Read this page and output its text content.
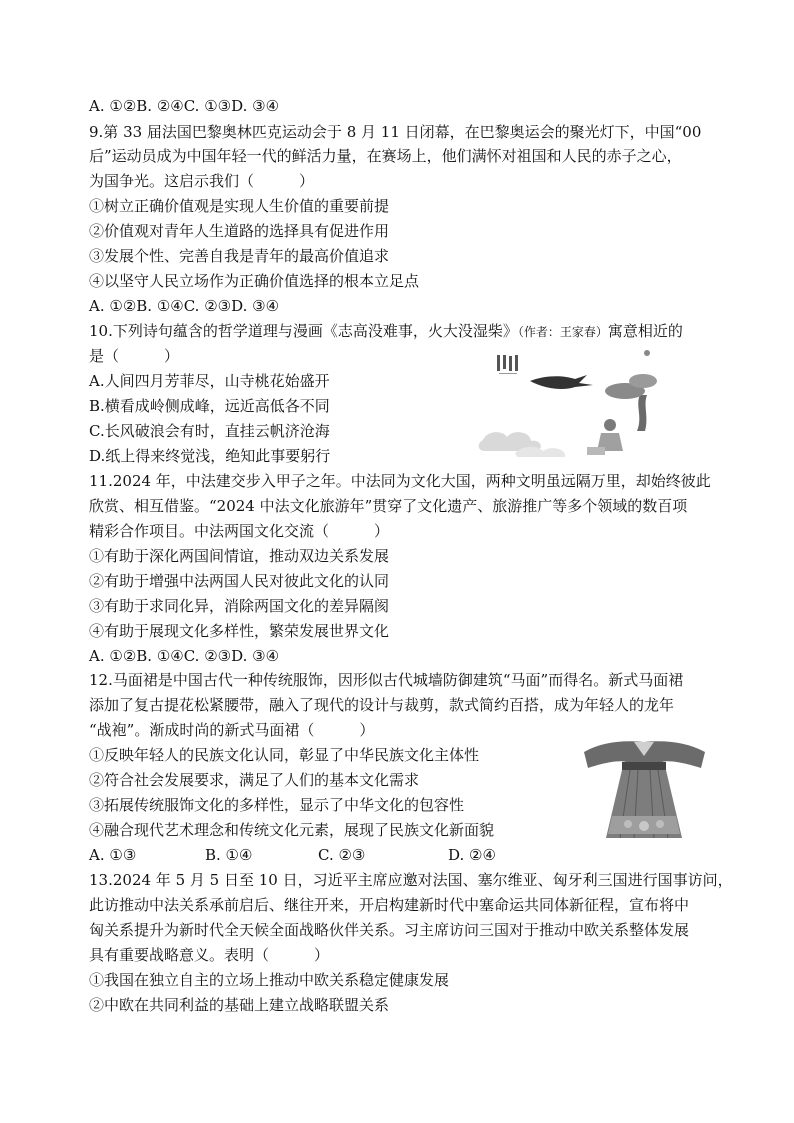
A. ①②B. ②④C. ①③D. ③④
9.第 33 届法国巴黎奥林匹克运动会于 8 月 11 日闭幕，在巴黎奥运会的聚光灯下，中国“00
后”运动员成为中国年轻一代的鲜活力量，在赛场上，他们满怀对祖国和人民的赤子之心，
为国争光。这启示我们（　　　）
①树立正确价值观是实现人生价值的重要前提
②价值观对青年人生道路的选择具有促进作用
③发展个性、完善自我是青年的最高价值追求
④以坚守人民立场作为正确价值选择的根本立足点
A. ①②B. ①④C. ②③D. ③④
10.下列诗句蕴含的哲学道理与漫画《志高没难事，火大没湿柴》（作者：王家春）寓意相近的
是（　　　）
A.人间四月芳菲尽，山寺桃花始盛开
B.横看成岭侧成峰，远近高低各不同
C.长风破浪会有时，直挂云帆济沧海
D.纸上得来终觉浅，绝知此事要躬行
11.2024 年，中法建交步入甲子之年。中法同为文化大国，两种文明虽远隔万里，却始终彼此
欣赏、相互借鉴。“2024 中法文化旅游年”贯穿了文化遗产、旅游推广等多个领域的数百项
精彩合作项目。中法两国文化交流（　　　）
①有助于深化两国间情谊，推动双边关系发展
②有助于增强中法两国人民对彼此文化的认同
③有助于求同化异，消除两国文化的差异隔阂
④有助于展现文化多样性，繁荣发展世界文化
A. ①②B. ①④C. ②③D. ③④
12.马面裙是中国古代一种传统服饰，因形似古代城墙防御建筑“马面”而得名。新式马面裙
添加了复古提花松紧腰带，融入了现代的设计与裁剪，款式简约百搭，成为年轻人的龙年
“战袍”。渐成时尚的新式马面裙（　　　）
①反映年轻人的民族文化认同，彰显了中华民族文化主体性
②符合社会发展要求，满足了人们的基本文化需求
③拓展传统服饰文化的多样性，显示了中华文化的包容性
④融合现代艺术理念和传统文化元素，展现了民族文化新面貌
A. ①③	B. ①④	C. ②③	D. ②④
13.2024 年 5 月 5 日至 10 日，习近平主席应邀对法国、塞尔维亚、匈牙利三国进行国事访问，
此访推动中法关系承前启后、继往开来，开启构建新时代中塞命运共同体新征程，宣布将中
匈关系提升为新时代全天候全面战略伙伴关系。习主席访问三国对于推动中欧关系整体发展
具有重要战略意义。表明（　　　）
①我国在独立自主的立场上推动中欧关系稳定健康发展
②中欧在共同利益的基础上建立战略联盟关系
